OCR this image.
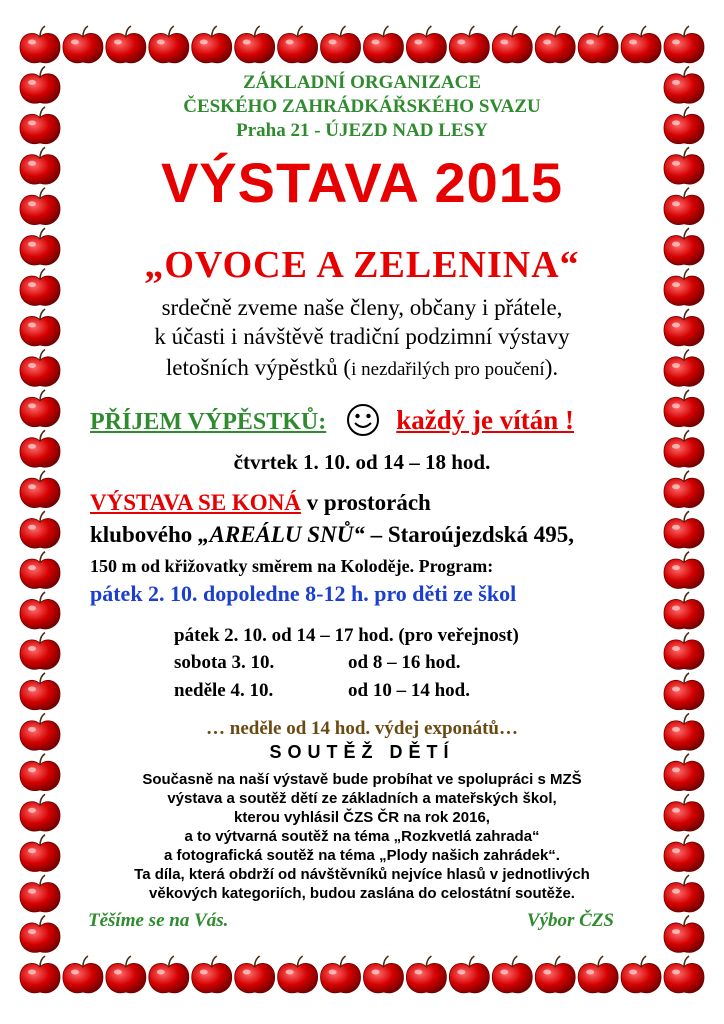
ZÁKLADNÍ ORGANIZACE

ČESKÉHO ZAHRÁDKÁŘSKÉHO SVAZU

Praha 21 - ÚJEZD NAD LESY

VÝSTAVA 2015

„OVOCE A ZELENINA“

srdečně zveme naše členy, občany i přátele,

k účasti i návštěvě tradiční podzimní výstavy

letošních výpěstků (i nezdařilých pro poučení).

PŘÍJEM VÝPĚSTKŮ:	každý je vítán !

čtvrtek 1. 10. od 14 – 18 hod.

VÝSTAVA SE KONÁ v prostorách

klubového „AREÁLU SNŮ“ – Staroújezdská 495,

150 m od křižovatky směrem na Koloděje. Program:

pátek 2. 10. dopoledne 8-12 h. pro děti ze škol

pátek 2. 10. od 14 – 17 hod. (pro veřejnost)
sobota 3. 10.	od 8 – 16 hod.
neděle 4. 10.	od 10 – 14 hod.

… neděle od 14 hod. výdej exponátů…

SOUTĚŽ DĚTÍ

Současně na naší výstavě bude probíhat ve spolupráci s MZŠ

výstava a soutěž dětí ze základních a mateřských škol,

kterou vyhlásil ČZS ČR na rok 2016,

a to výtvarná soutěž na téma „Rozkvetlá zahrada“

a fotografická soutěž na téma „Plody našich zahrádek“.

Ta díla, která obdrží od návštěvníků nejvíce hlasů v jednotlivých

věkových kategoriích, budou zaslána do celostátní soutěže.

Těšíme se na Vás.	Výbor ČZS
